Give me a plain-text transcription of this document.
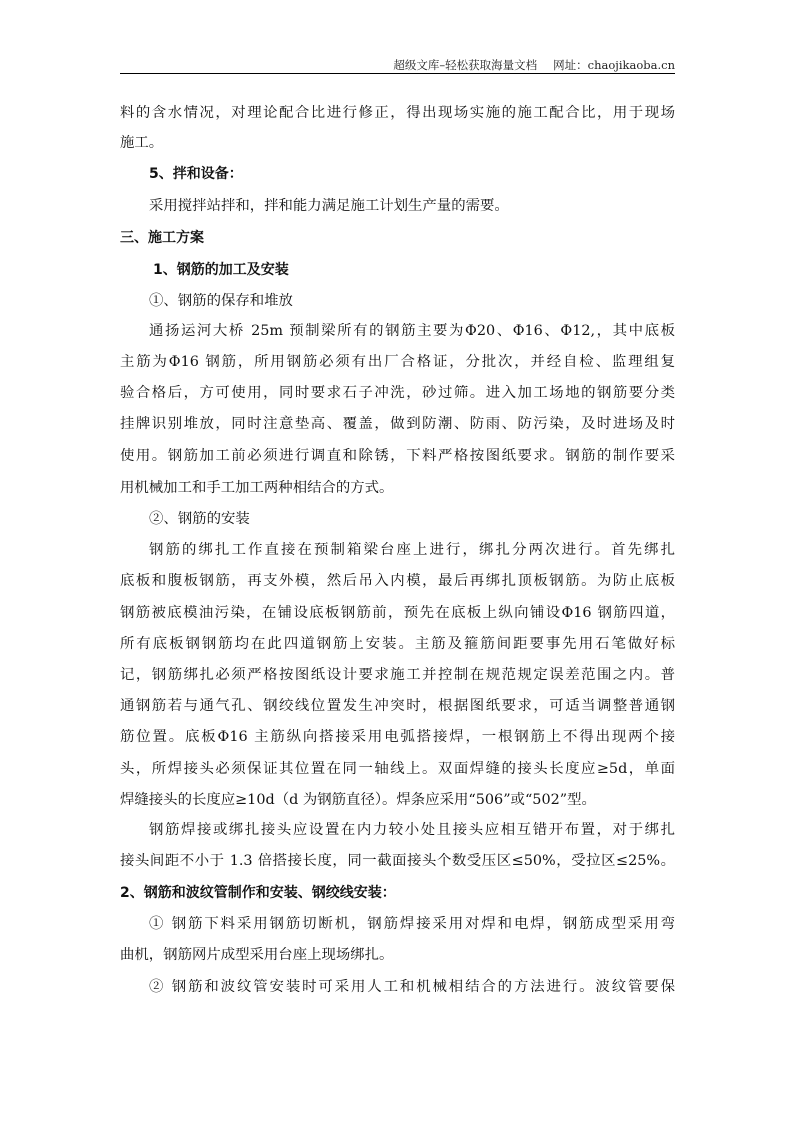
超级文库–轻松获取海量文档 网址：chaojikaoba.cn
料的含水情况，对理论配合比进行修正，得出现场实施的施工配合比，用于现场
施工。
5、拌和设备：
采用搅拌站拌和，拌和能力满足施工计划生产量的需要。
三、施工方案
1、钢筋的加工及安装
①、钢筋的保存和堆放
通扬运河大桥 25m 预制梁所有的钢筋主要为Φ20、Φ16、Φ12,，其中底板
主筋为Φ16 钢筋，所用钢筋必须有出厂合格证，分批次，并经自检、监理组复
验合格后，方可使用，同时要求石子冲洗，砂过筛。进入加工场地的钢筋要分类
挂牌识别堆放，同时注意垫高、覆盖，做到防潮、防雨、防污染，及时进场及时
使用。钢筋加工前必须进行调直和除锈，下料严格按图纸要求。钢筋的制作要采
用机械加工和手工加工两种相结合的方式。
②、钢筋的安装
钢筋的绑扎工作直接在预制箱梁台座上进行，绑扎分两次进行。首先绑扎
底板和腹板钢筋，再支外模，然后吊入内模，最后再绑扎顶板钢筋。为防止底板
钢筋被底模油污染，在铺设底板钢筋前，预先在底板上纵向铺设Φ16 钢筋四道，
所有底板钢钢筋均在此四道钢筋上安装。主筋及箍筋间距要事先用石笔做好标
记，钢筋绑扎必须严格按图纸设计要求施工并控制在规范规定误差范围之内。普
通钢筋若与通气孔、钢绞线位置发生冲突时，根据图纸要求，可适当调整普通钢
筋位置。底板Φ16 主筋纵向搭接采用电弧搭接焊，一根钢筋上不得出现两个接
头，所焊接头必须保证其位置在同一轴线上。双面焊缝的接头长度应≥5d，单面
焊缝接头的长度应≥10d（d 为钢筋直径）。焊条应采用“506”或“502”型。
钢筋焊接或绑扎接头应设置在内力较小处且接头应相互错开布置，对于绑扎
接头间距不小于 1.3 倍搭接长度，同一截面接头个数受压区≤50%，受拉区≤25%。
2、钢筋和波纹管制作和安装、钢绞线安装：
① 钢筋下料采用钢筋切断机，钢筋焊接采用对焊和电焊，钢筋成型采用弯
曲机，钢筋网片成型采用台座上现场绑扎。
② 钢筋和波纹管安装时可采用人工和机械相结合的方法进行。波纹管要保
